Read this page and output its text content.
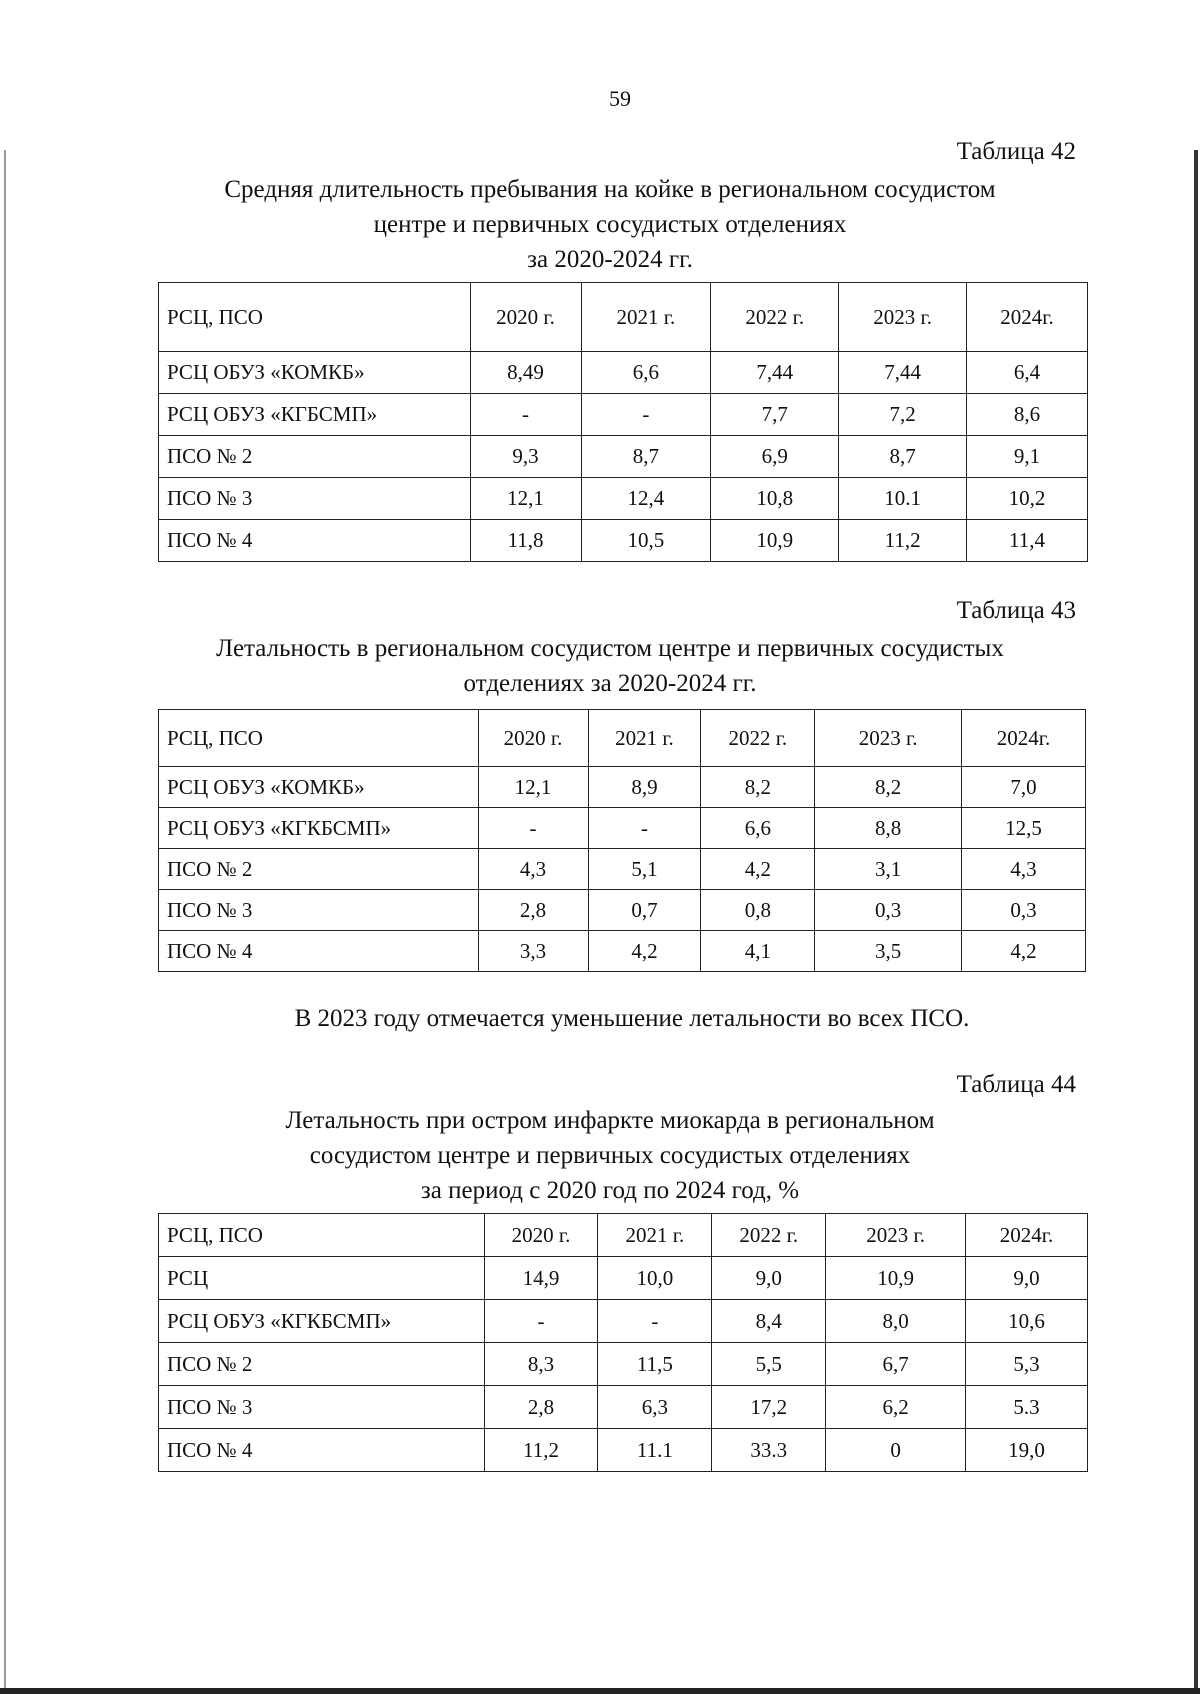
59
Таблица 42
Средняя длительность пребывания на койке в региональном сосудистом
центре и первичных сосудистых отделениях
за 2020-2024 гг.
РСЦ, ПСО	2020 г.	2021 г.	2022 г.	2023 г.	2024г.
РСЦ ОБУЗ «КОМКБ»	8,49	6,6	7,44	7,44	6,4
РСЦ ОБУЗ «КГБСМП»	-	-	7,7	7,2	8,6
ПСО № 2	9,3	8,7	6,9	8,7	9,1
ПСО № 3	12,1	12,4	10,8	10.1	10,2
ПСО № 4	11,8	10,5	10,9	11,2	11,4
Таблица 43
Летальность в региональном сосудистом центре и первичных сосудистых
отделениях за 2020-2024 гг.
РСЦ, ПСО	2020 г.	2021 г.	2022 г.	2023 г.	2024г.
РСЦ ОБУЗ «КОМКБ»	12,1	8,9	8,2	8,2	7,0
РСЦ ОБУЗ «КГКБСМП»	-	-	6,6	8,8	12,5
ПСО № 2	4,3	5,1	4,2	3,1	4,3
ПСО № 3	2,8	0,7	0,8	0,3	0,3
ПСО № 4	3,3	4,2	4,1	3,5	4,2
В 2023 году отмечается уменьшение летальности во всех ПСО.
Таблица 44
Летальность при остром инфаркте миокарда в региональном
сосудистом центре и первичных сосудистых отделениях
за период с 2020 год по 2024 год, %
РСЦ, ПСО	2020 г.	2021 г.	2022 г.	2023 г.	2024г.
РСЦ	14,9	10,0	9,0	10,9	9,0
РСЦ ОБУЗ «КГКБСМП»	-	-	8,4	8,0	10,6
ПСО № 2	8,3	11,5	5,5	6,7	5,3
ПСО № 3	2,8	6,3	17,2	6,2	5.3
ПСО № 4	11,2	11.1	33.3	0	19,0
